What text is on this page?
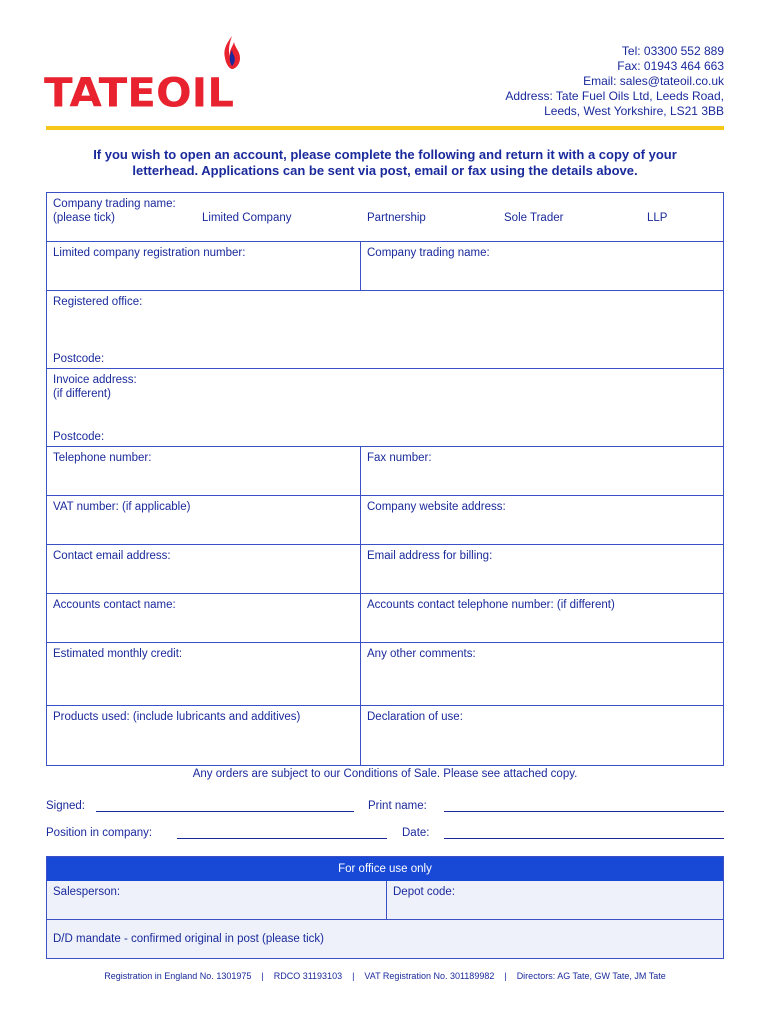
TATEOIL
Tel: 03300 552 889
Fax: 01943 464 663
Email: sales@tateoil.co.uk
Address: Tate Fuel Oils Ltd, Leeds Road,
Leeds, West Yorkshire, LS21 3BB
If you wish to open an account, please complete the following and return it with a copy of your
letterhead. Applications can be sent via post, email or fax using the details above.
Company trading name:
(please tick)	Limited Company	Partnership	Sole Trader	LLP
Limited company registration number:	Company trading name:
Registered office:
Postcode:
Invoice address:
(if different)
Postcode:
Telephone number:	Fax number:
VAT number: (if applicable)	Company website address:
Contact email address:	Email address for billing:
Accounts contact name:	Accounts contact telephone number: (if different)
Estimated monthly credit:	Any other comments:
Products used: (include lubricants and additives)	Declaration of use:
Any orders are subject to our Conditions of Sale. Please see attached copy.
Signed:	Print name:
Position in company:	Date:
For office use only
Salesperson:	Depot code:
D/D mandate - confirmed original in post (please tick)
Registration in England No. 1301975 | RDCO 31193103 | VAT Registration No. 301189982 | Directors: AG Tate, GW Tate, JM Tate
